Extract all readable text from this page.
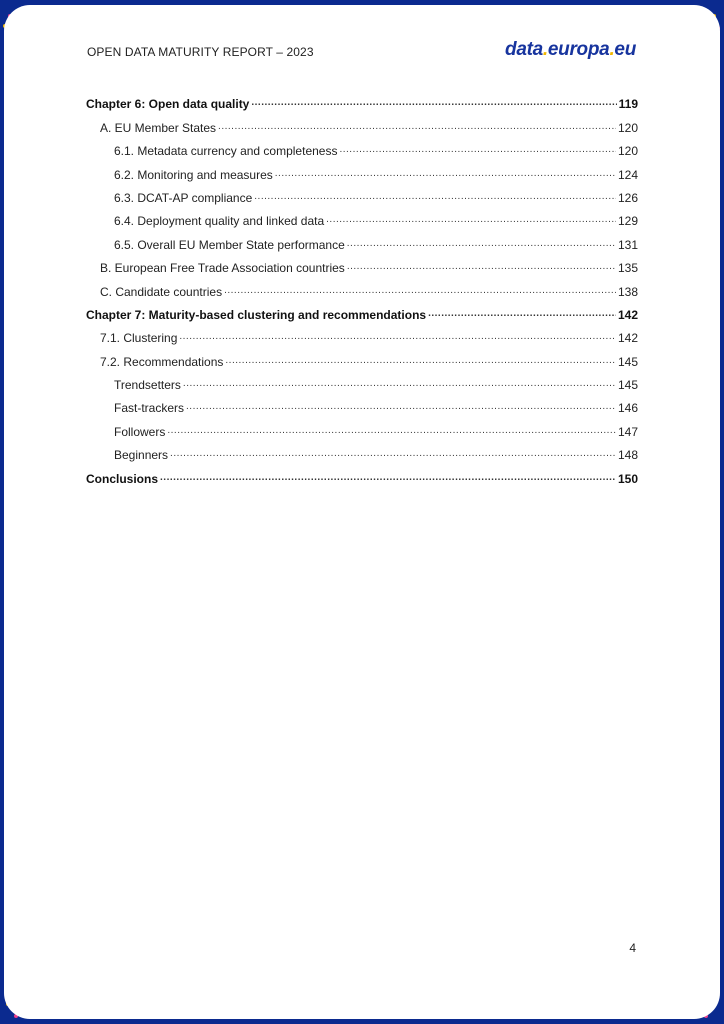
OPEN DATA MATURITY REPORT – 2023	data.europa.eu
Chapter 6: Open data quality .....	119
A. EU Member States .....	120
6.1. Metadata currency and completeness .....	120
6.2. Monitoring and measures .....	124
6.3. DCAT-AP compliance .....	126
6.4. Deployment quality and linked data .....	129
6.5. Overall EU Member State performance .....	131
B. European Free Trade Association countries .....	135
C. Candidate countries .....	138
Chapter 7: Maturity-based clustering and recommendations .....	142
7.1. Clustering .....	142
7.2. Recommendations .....	145
Trendsetters .....	145
Fast-trackers .....	146
Followers .....	147
Beginners .....	148
Conclusions .....	150
4
